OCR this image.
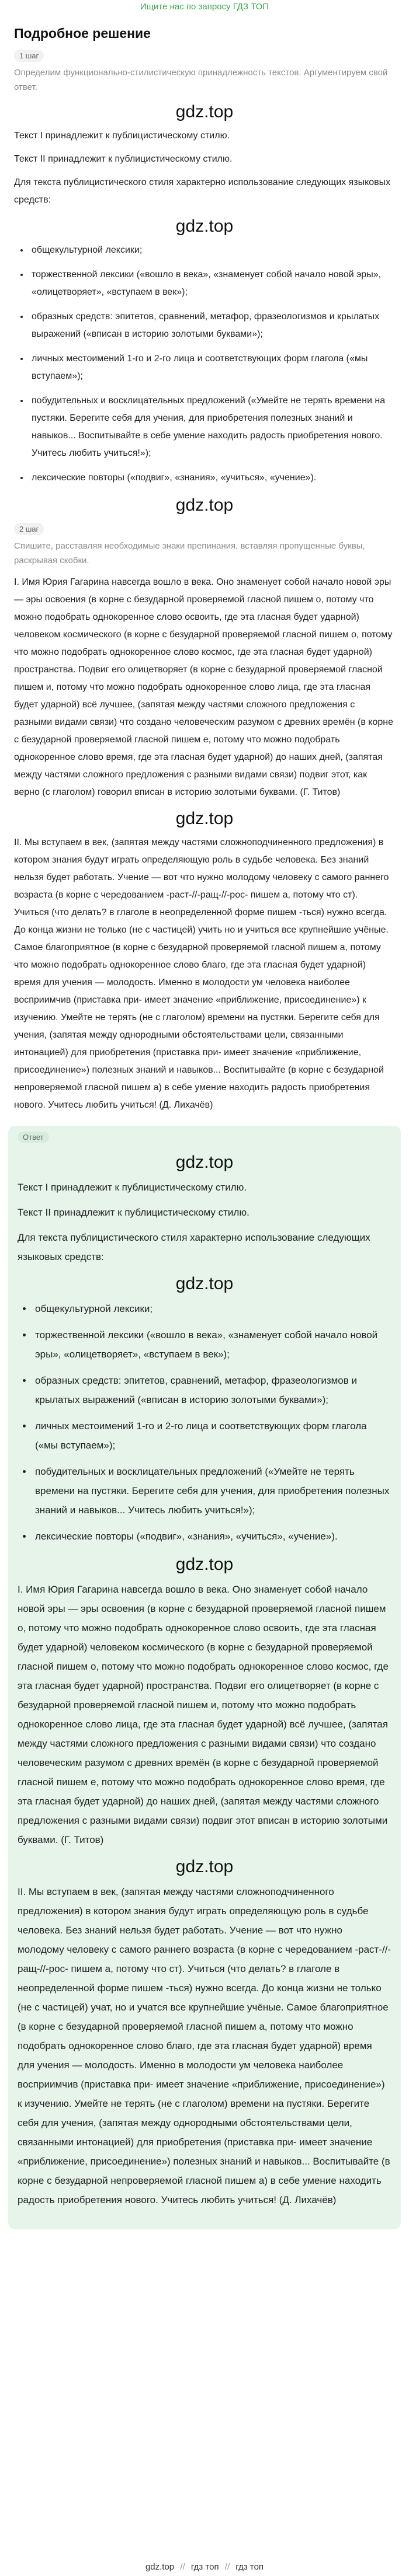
Ищите нас по запросу ГДЗ ТОП
Подробное решение
1 шаг
Определим функционально-стилистическую принадлежность текстов. Аргументируем свой ответ.
gdz.top

Текст I принадлежит к публицистическому стилю.

Текст II принадлежит к публицистическому стилю.

Для текста публицистического стиля характерно использование следующих языковых средств:

gdz.top
• общекультурной лексики;
• торжественной лексики («вошло в века», «знаменует собой начало новой эры», «олицетворяет», «вступаем в век»);
• образных средств: эпитетов, сравнений, метафор, фразеологизмов и крылатых выражений («вписан в историю золотыми буквами»);
• личных местоимений 1-го и 2-го лица и соответствующих форм глагола («мы вступаем»);
• побудительных и восклицательных предложений («Умейте не терять времени на пустяки. Берегите себя для учения, для приобретения полезных знаний и навыков... Воспитывайте в себе умение находить радость приобретения нового. Учитесь любить учиться!»);
• лексические повторы («подвиг», «знания», «учиться», «учение»).
gdz.top
2 шаг
Спишите, расставляя необходимые знаки препинания, вставляя пропущенные буквы, раскрывая скобки.

I. Имя Юрия Гагарина навсегда вошло в века. Оно знаменует собой начало новой эры — эры освоения (в корне с безударной проверяемой гласной пишем о, потому что можно подобрать однокоренное слово освоить, где эта гласная будет ударной) человеком космического (в корне с безударной проверяемой гласной пишем о, потому что можно подобрать однокоренное слово космос, где эта гласная будет ударной) пространства. Подвиг его олицетворяет (в корне с безударной проверяемой гласной пишем и, потому что можно подобрать однокоренное слово лица, где эта гласная будет ударной) всё лучшее, (запятая между частями сложного предложения с разными видами связи) что создано человеческим разумом с древних времён (в корне с безударной проверяемой гласной пишем е, потому что можно подобрать однокоренное слово время, где эта гласная будет ударной) до наших дней, (запятая между частями сложного предложения с разными видами связи) подвиг этот, как верно (с глаголом) говорил вписан в историю золотыми буквами. (Г. Титов)

gdz.top

II. Мы вступаем в век, (запятая между частями сложноподчиненного предложения) в котором знания будут играть определяющую роль в судьбе человека. Без знаний нельзя будет работать. Учение — вот что нужно молодому человеку с самого раннего возраста (в корне с чередованием -раст-//-ращ-//-рос- пишем а, потому что ст). Учиться (что делать? в глаголе в неопределенной форме пишем -ться) нужно всегда. До конца жизни не только (не с частицей) учить но и учиться все крупнейшие учёные. Самое благоприятное (в корне с безударной проверяемой гласной пишем а, потому что можно подобрать однокоренное слово благо, где эта гласная будет ударной) время для учения — молодость. Именно в молодости ум человека наиболее восприимчив (приставка при- имеет значение «приближение, присоединение») к изучению. Умейте не терять (не с глаголом) времени на пустяки. Берегите себя для учения, (запятая между однородными обстоятельствами цели, связанными интонацией) для приобретения (приставка при- имеет значение «приближение, присоединение») полезных знаний и навыков... Воспитывайте (в корне с безударной непроверяемой гласной пишем а) в себе умение находить радость приобретения нового. Учитесь любить учиться! (Д. Лихачёв)

Ответ
gdz.top

Текст I принадлежит к публицистическому стилю.

Текст II принадлежит к публицистическому стилю.

Для текста публицистического стиля характерно использование следующих языковых средств:

gdz.top
• общекультурной лексики;
• торжественной лексики («вошло в века», «знаменует собой начало новой эры», «олицетворяет», «вступаем в век»);
• образных средств: эпитетов, сравнений, метафор, фразеологизмов и крылатых выражений («вписан в историю золотыми буквами»);
• личных местоимений 1-го и 2-го лица и соответствующих форм глагола («мы вступаем»);
• побудительных и восклицательных предложений («Умейте не терять времени на пустяки. Берегите себя для учения, для приобретения полезных знаний и навыков... Учитесь любить учиться!»);
• лексические повторы («подвиг», «знания», «учиться», «учение»).
gdz.top

I. Имя Юрия Гагарина навсегда вошло в века. Оно знаменует собой начало новой эры — эры освоения (в корне с безударной проверяемой гласной пишем о, потому что можно подобрать однокоренное слово освоить, где эта гласная будет ударной) человеком космического (в корне с безударной проверяемой гласной пишем о, потому что можно подобрать однокоренное слово космос, где эта гласная будет ударной) пространства. Подвиг его олицетворяет (в корне с безударной проверяемой гласной пишем и, потому что можно подобрать однокоренное слово лица, где эта гласная будет ударной) всё лучшее, (запятая между частями сложного предложения с разными видами связи) что создано человеческим разумом с древних времён (в корне с безударной проверяемой гласной пишем е, потому что можно подобрать однокоренное слово время, где эта гласная будет ударной) до наших дней, (запятая между частями сложного предложения с разными видами связи) подвиг этот вписан в историю золотыми буквами. (Г. Титов)

gdz.top

II. Мы вступаем в век, (запятая между частями сложноподчиненного предложения) в котором знания будут играть определяющую роль в судьбе человека. Без знаний нельзя будет работать. Учение — вот что нужно молодому человеку с самого раннего возраста (в корне с чередованием -раст-//-ращ-//-рос- пишем а, потому что ст). Учиться (что делать? в глаголе в неопределенной форме пишем -ться) нужно всегда. До конца жизни не только (не с частицей) учат, но и учатся все крупнейшие учёные. Самое благоприятное (в корне с безударной проверяемой гласной пишем а, потому что можно подобрать однокоренное слово благо, где эта гласная будет ударной) время для учения — молодость. Именно в молодости ум человека наиболее восприимчив (приставка при- имеет значение «приближение, присоединение») к изучению. Умейте не терять (не с глаголом) времени на пустяки. Берегите себя для учения, (запятая между однородными обстоятельствами цели, связанными интонацией) для приобретения (приставка при- имеет значение «приближение, присоединение») полезных знаний и навыков... Воспитывайте (в корне с безударной непроверяемой гласной пишем а) в себе умение находить радость приобретения нового. Учитесь любить учиться! (Д. Лихачёв)

gdz.top // гдз топ // гдз топ
